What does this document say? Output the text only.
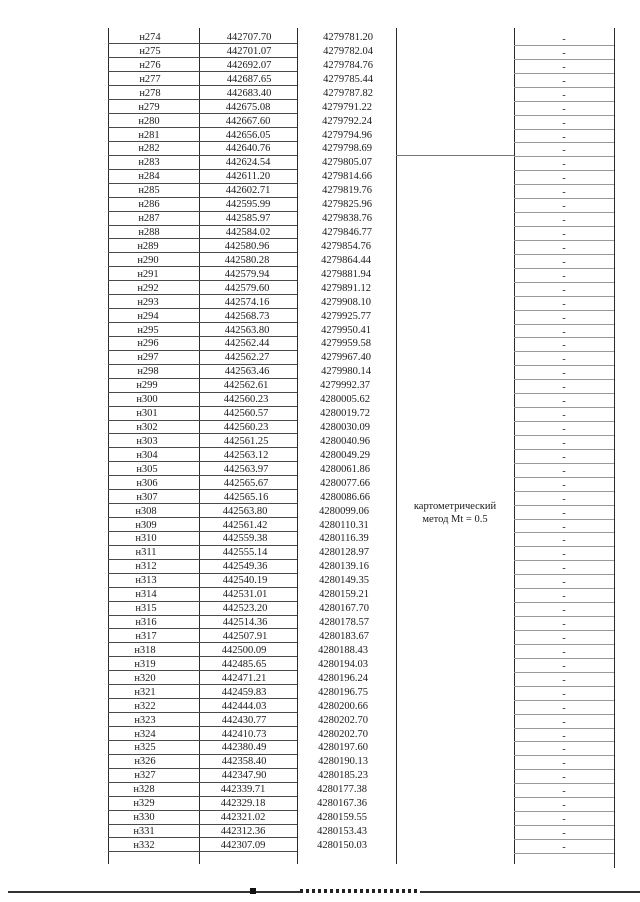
н274	442707.70	4279781.20	-
н275	442701.07	4279782.04	-
н276	442692.07	4279784.76	-
н277	442687.65	4279785.44	-
н278	442683.40	4279787.82	-
н279	442675.08	4279791.22	-
н280	442667.60	4279792.24	-
н281	442656.05	4279794.96	-
н282	442640.76	4279798.69	-
н283	442624.54	4279805.07	-
н284	442611.20	4279814.66	-
н285	442602.71	4279819.76	-
н286	442595.99	4279825.96	-
н287	442585.97	4279838.76	-
н288	442584.02	4279846.77	-
н289	442580.96	4279854.76	-
н290	442580.28	4279864.44	-
н291	442579.94	4279881.94	-
н292	442579.60	4279891.12	-
н293	442574.16	4279908.10	-
н294	442568.73	4279925.77	-
н295	442563.80	4279950.41	-
н296	442562.44	4279959.58	-
н297	442562.27	4279967.40	-
н298	442563.46	4279980.14	-
н299	442562.61	4279992.37	-
н300	442560.23	4280005.62	-
н301	442560.57	4280019.72	-
н302	442560.23	4280030.09	-
н303	442561.25	4280040.96	-
н304	442563.12	4280049.29	-
н305	442563.97	4280061.86	-
н306	442565.67	4280077.66	-
н307	442565.16	4280086.66	-
н308	442563.80	4280099.06	-
н309	442561.42	4280110.31	-
н310	442559.38	4280116.39	-
н311	442555.14	4280128.97	-
н312	442549.36	4280139.16	-
н313	442540.19	4280149.35	-
н314	442531.01	4280159.21	-
н315	442523.20	4280167.70	-
н316	442514.36	4280178.57	-
н317	442507.91	4280183.67	-
н318	442500.09	4280188.43	-
н319	442485.65	4280194.03	-
н320	442471.21	4280196.24	-
н321	442459.83	4280196.75	-
н322	442444.03	4280200.66	-
н323	442430.77	4280202.70	-
н324	442410.73	4280202.70	-
н325	442380.49	4280197.60	-
н326	442358.40	4280190.13	-
н327	442347.90	4280185.23	-
н328	442339.71	4280177.38	-
н329	442329.18	4280167.36	-
н330	442321.02	4280159.55	-
н331	442312.36	4280153.43	-
н332	442307.09	4280150.03	-
картометрический
метод Mt = 0.5
